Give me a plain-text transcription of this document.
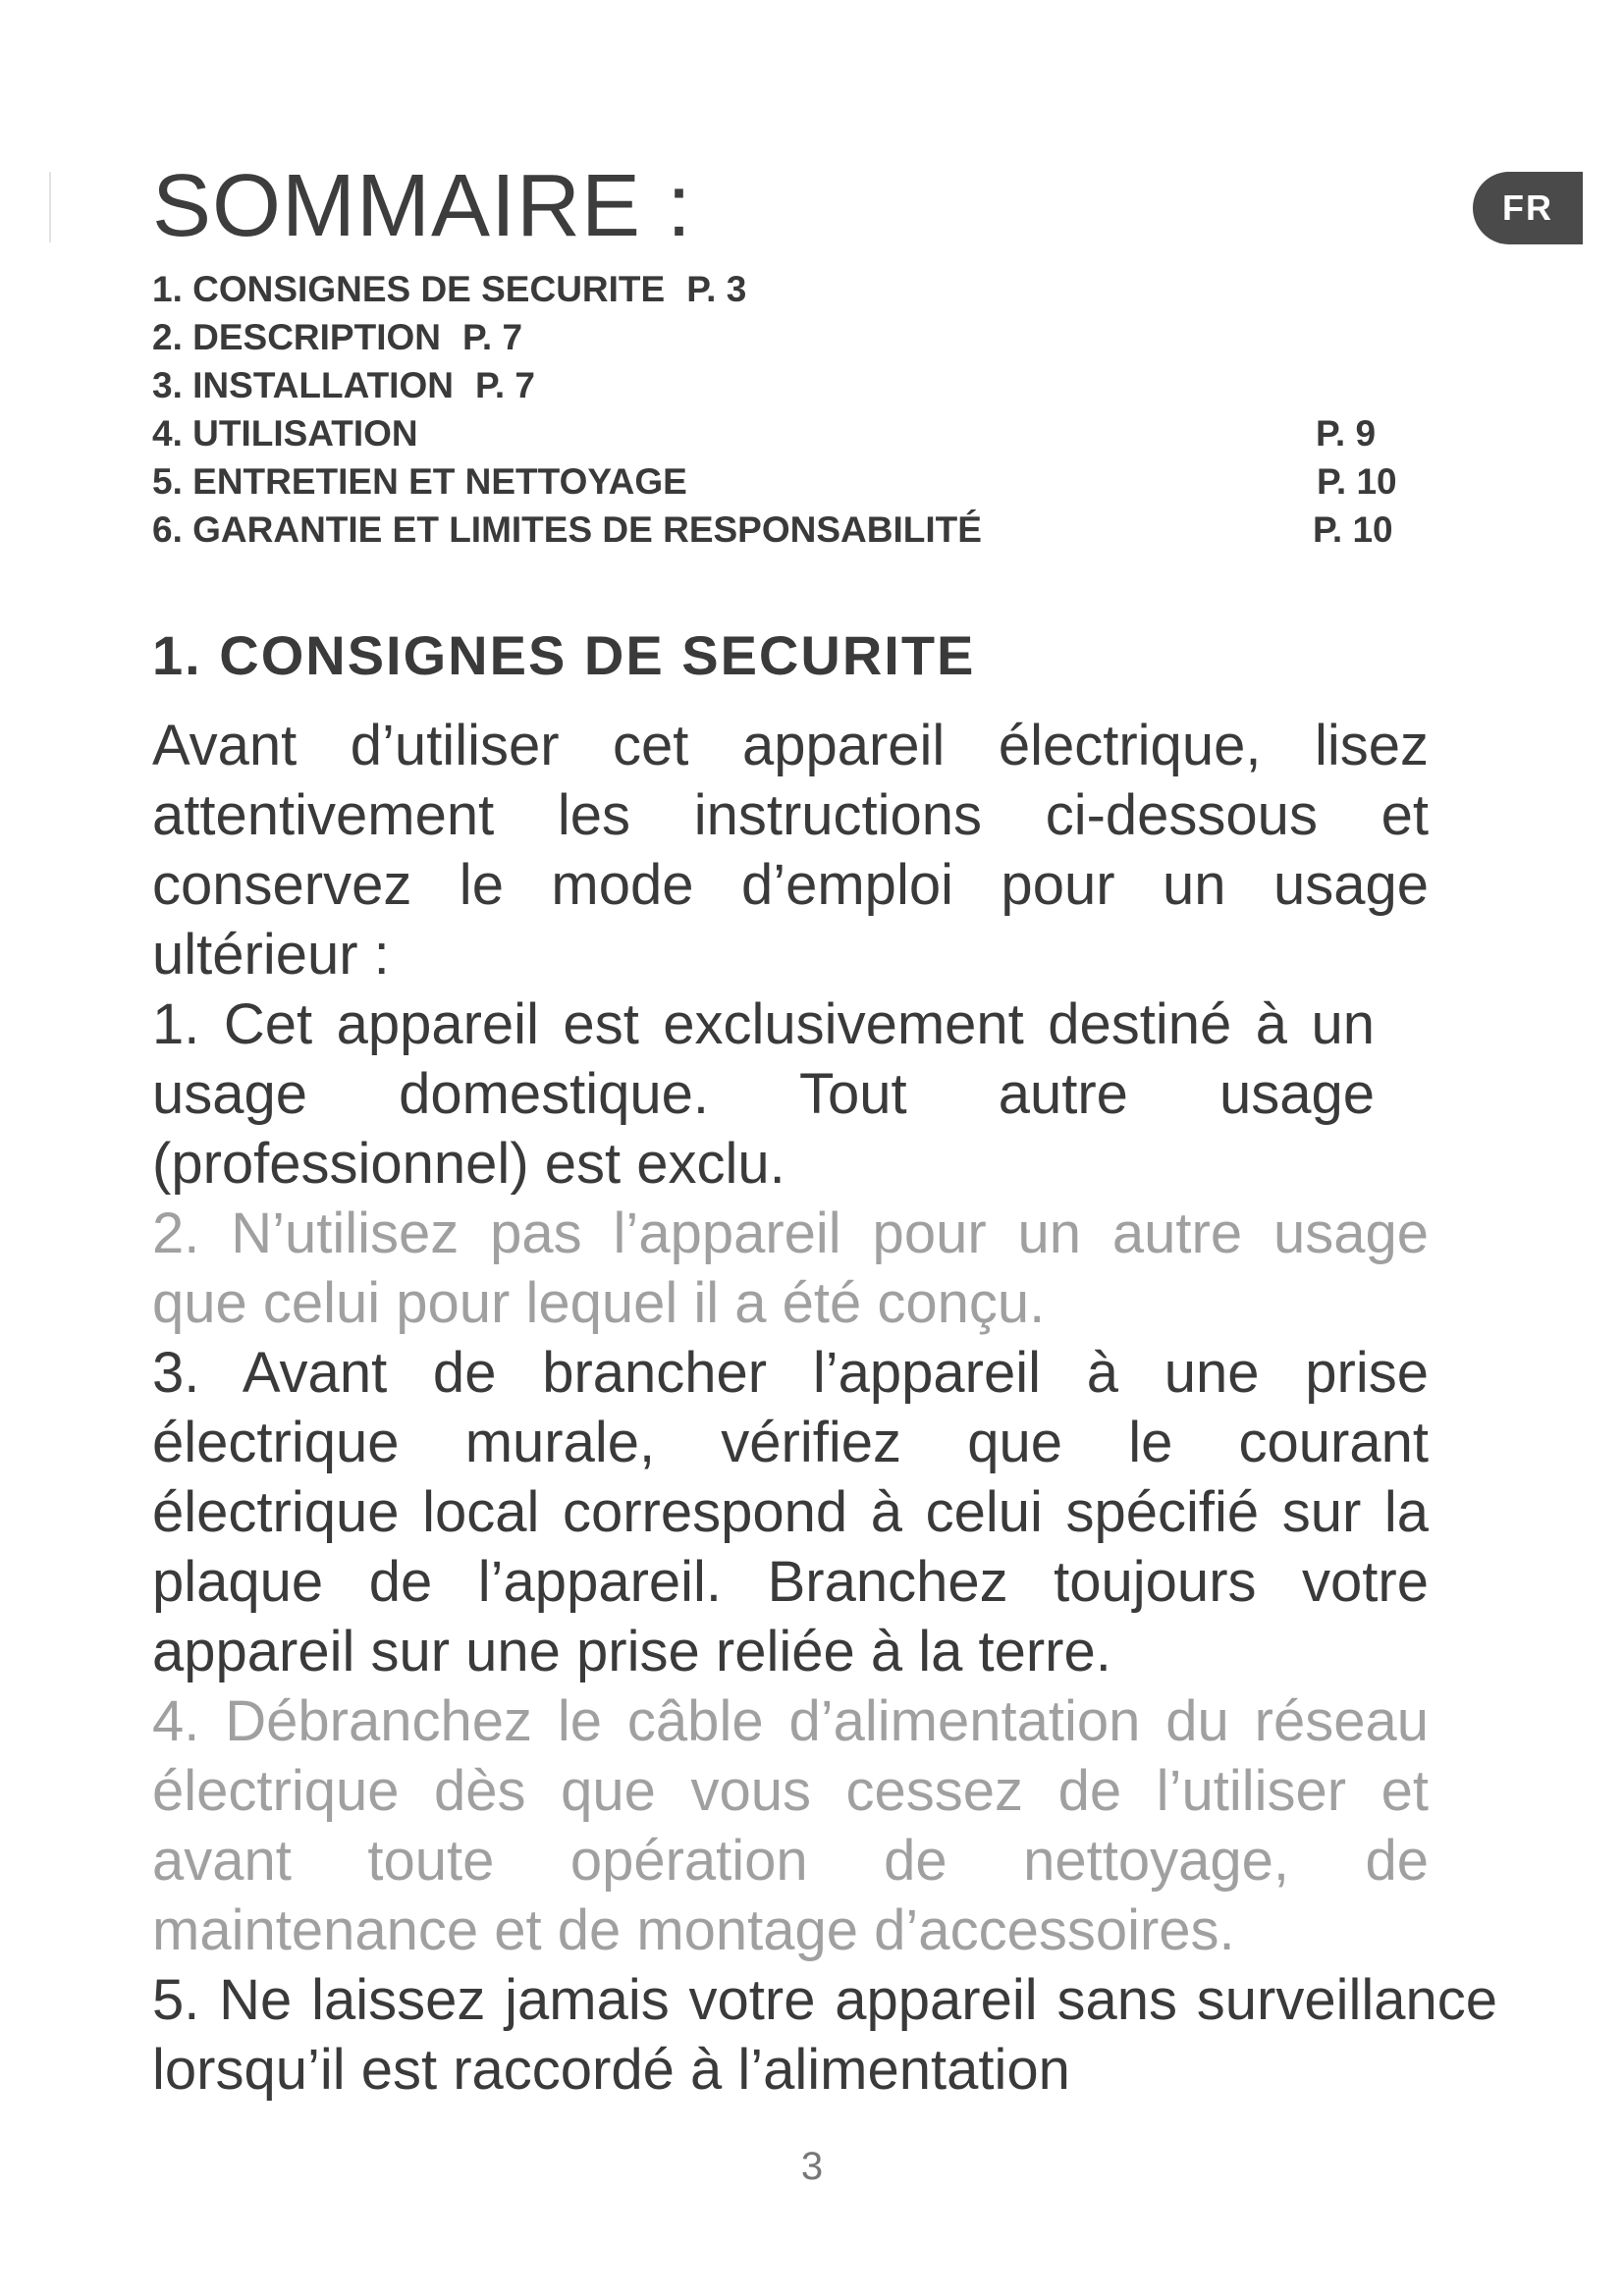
SOMMAIRE :	FR
1. CONSIGNES DE SECURITE P. 3
2. DESCRIPTION P. 7
3. INSTALLATION P. 7
4. UTILISATION	P. 9
5. ENTRETIEN ET NETTOYAGE	P. 10
6. GARANTIE ET LIMITES DE RESPONSABILITÉ	P. 10
1. CONSIGNES DE SECURITE
Avant d’utiliser cet appareil électrique, lisez attentivement les instructions ci-dessous et conservez le mode d’emploi pour un usage ultérieur :
1. Cet appareil est exclusivement destiné à un usage domestique. Tout autre usage (professionnel) est exclu.
2. N’utilisez pas l’appareil pour un autre usage que celui pour lequel il a été conçu.
3. Avant de brancher l’appareil à une prise électrique murale, vérifiez que le courant électrique local correspond à celui spécifié sur la plaque de l’appareil. Branchez toujours votre appareil sur une prise reliée à la terre.
4. Débranchez le câble d’alimentation du réseau électrique dès que vous cessez de l’utiliser et avant toute opération de nettoyage, de maintenance et de montage d’accessoires.
5. Ne laissez jamais votre appareil sans surveillance lorsqu’il est raccordé à l’alimentation
3
